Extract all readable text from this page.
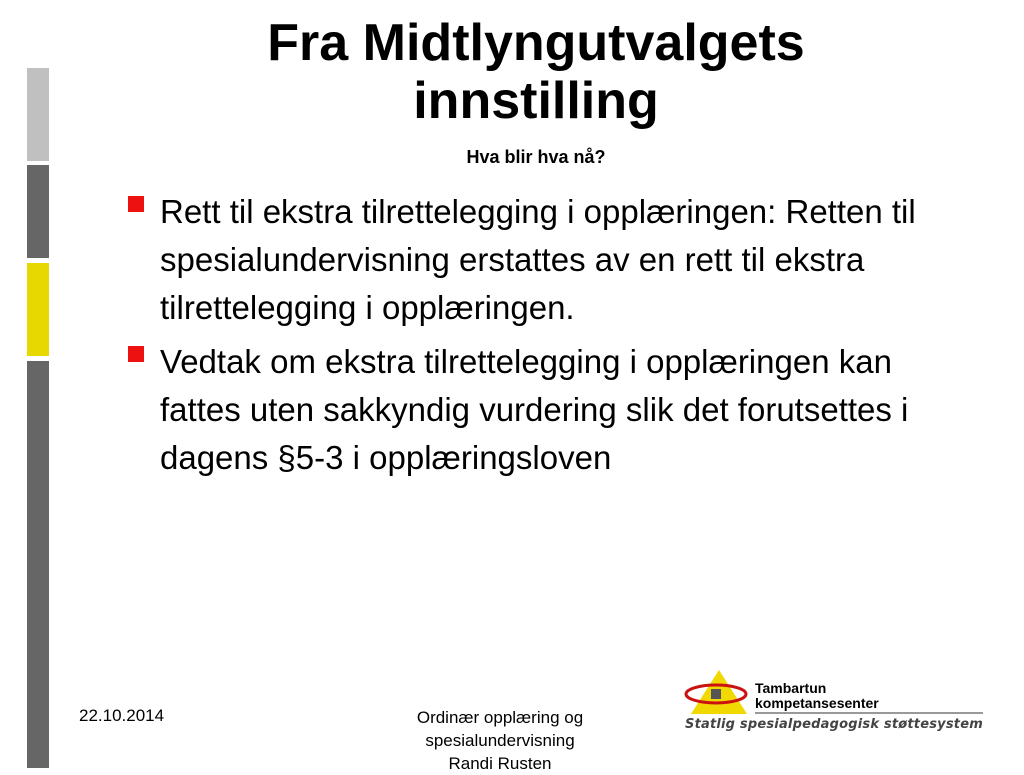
Fra Midtlyngutvalgets
innstilling
Hva blir hva nå?
Rett til ekstra tilrettelegging i opplæringen: Retten til spesialundervisning erstattes av en rett til ekstra tilrettelegging i opplæringen.
Vedtak om ekstra tilrettelegging i opplæringen kan fattes uten sakkyndig vurdering slik det forutsettes i dagens §5-3 i opplæringsloven
22.10.2014	Ordinær opplæring og
spesialundervisning
Randi Rusten
Tambartun
kompetansesenter
Statlig spesialpedagogisk støttesystem
